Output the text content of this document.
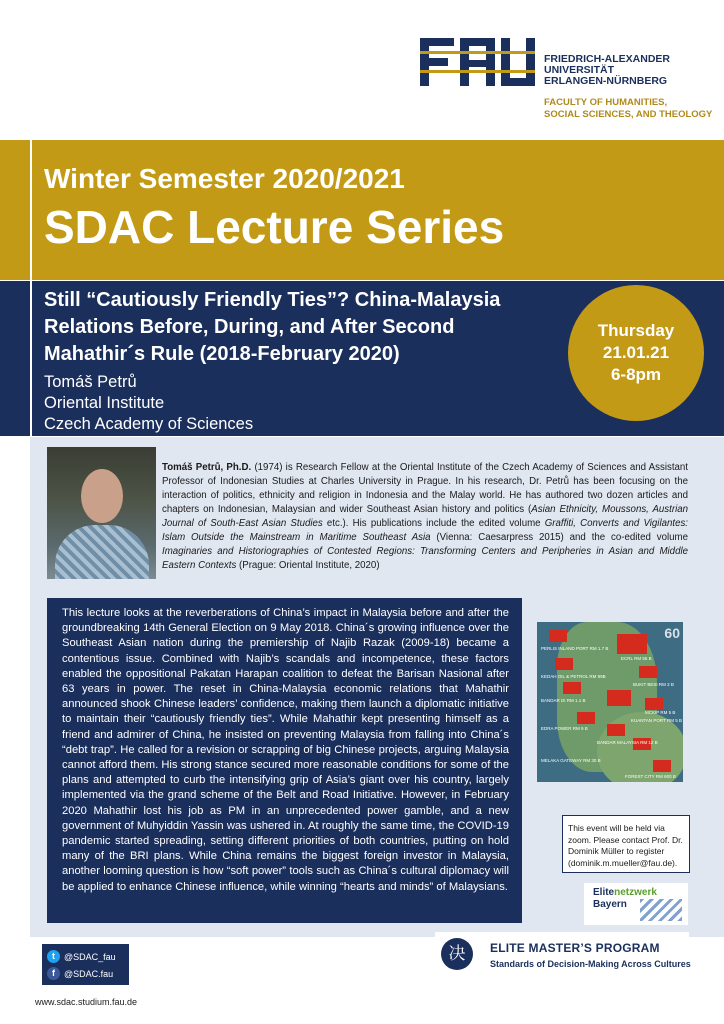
FRIEDRICH-ALEXANDER
UNIVERSITÄT
ERLANGEN-NÜRNBERG
FACULTY OF HUMANITIES,
SOCIAL SCIENCES, AND THEOLOGY
Winter Semester 2020/2021
SDAC Lecture Series
Still “Cautiously Friendly Ties”? China-Malaysia
Relations Before, During, and After Second
Mahathir´s Rule (2018-February 2020)
Tomáš Petrů
Oriental Institute
Czech Academy of Sciences
Thursday
21.01.21
6-8pm
Tomáš Petrů, Ph.D. (1974) is Research Fellow at the Oriental Institute of the Czech Academy of Sciences and Assistant Professor of Indonesian Studies at Charles University in Prague. In his research, Dr. Petrů has been focusing on the interaction of politics, ethnicity and religion in Indonesia and the Malay world. He has authored two dozen articles and chapters on Indonesian, Malaysian and wider Southeast Asian history and politics (Asian Ethnicity, Moussons, Austrian Journal of South-East Asian Studies etc.). His publications include the edited volume Graffiti, Converts and Vigilantes: Islam Outside the Mainstream in Maritime Southeast Asia (Vienna: Caesarpress 2015) and the co-edited volume Imaginaries and Historiographies of Contested Regions: Transforming Centers and Peripheries in Asian and Middle Eastern Contexts (Prague: Oriental Institute, 2020)
This lecture looks at the reverberations of China’s impact in Malaysia before and after the groundbreaking 14th General Election on 9 May 2018. China´s growing influence over the Southeast Asian nation during the premiership of Najib Razak (2009-18) became a contentious issue. Combined with Najib’s scandals and incompetence, these factors enabled the oppositional Pakatan Harapan coalition to defeat the Barisan Nasional after 63 years in power. The reset in China-Malaysia economic relations that Mahathir announced shook Chinese leaders’ confidence, making them launch a diplomatic initiative to maintain their “cautiously friendly ties”. While Mahathir kept presenting himself as a friend and admirer of China, he insisted on preventing Malaysia from falling into China´s “debt trap”. He called for a revision or scrapping of big Chinese projects, arguing Malaysia cannot afford them. His strong stance secured more reasonable conditions for some of the plans and attempted to curb the intensifying grip of Asia’s giant over his country, largely implemented via the grand scheme of the Belt and Road Initiative. However, in February 2020 Mahathir lost his job as PM in an unprecedented power gamble, and a new government of Muhyiddin Yassin was ushered in. At roughly the same time, the COVID-19 pandemic started spreading, setting different priorities of both countries, putting on hold many of the BRI plans. While China remains the biggest foreign investor in Malaysia, another looming question is how “soft power” tools such as China´s cultural diplomacy will be applied to enhance Chinese influence, while winning “hearts and minds” of Malaysians.
60
PERLIS INLAND PORT RM 1.7 B
ECRL RM 55 B
KEDAH OIL & PETROL RM 99B
BUKIT BESI RM 2 B
BANDAR DI RM 1.1 B
MCKIP RM 5 B
KUANTAN PORT RM 5 B
EDRA POWER RM 9 B
BANDAR MALAYSIA RM 12 B
MELAKA GATEWAY RM 30 B
FOREST CITY RM 600 B
This event will be held via zoom. Please contact Prof. Dr. Dominik Müller to register (dominik.m.mueller@fau.de).
Elitenetzwerk
Bayern
决	ELITE MASTER’S PROGRAM
Standards of Decision-Making Across Cultures
t	@SDAC_fau
f	@SDAC.fau
www.sdac.studium.fau.de
